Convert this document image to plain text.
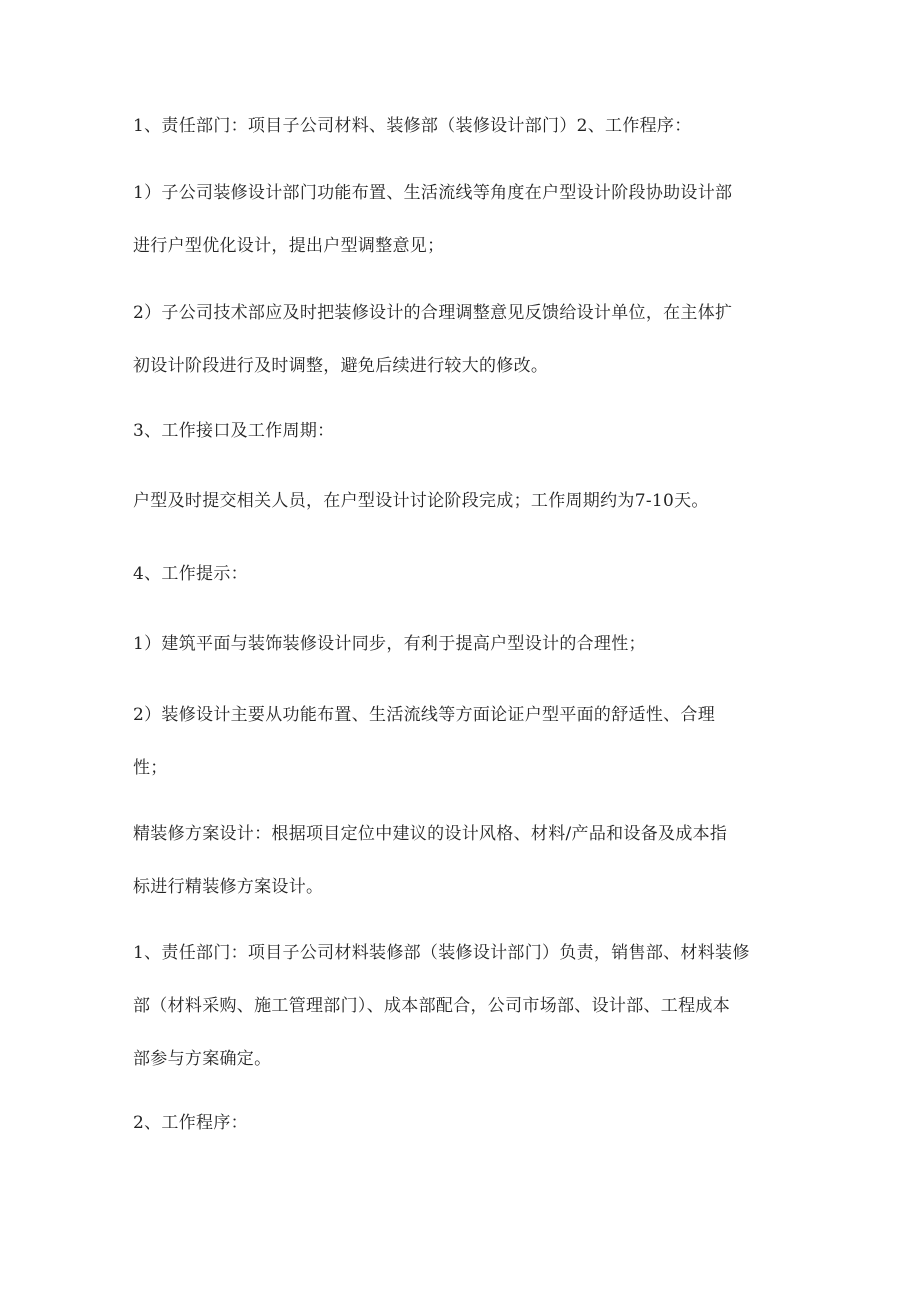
1、责任部门：项目子公司材料、装修部（装修设计部门）2、工作程序：
1）子公司装修设计部门功能布置、生活流线等角度在户型设计阶段协助设计部
进行户型优化设计，提出户型调整意见；
2）子公司技术部应及时把装修设计的合理调整意见反馈给设计单位，在主体扩
初设计阶段进行及时调整，避免后续进行较大的修改。
3、工作接口及工作周期：
户型及时提交相关人员，在户型设计讨论阶段完成；工作周期约为7-10天。
4、工作提示：
1）建筑平面与装饰装修设计同步，有利于提高户型设计的合理性；
2）装修设计主要从功能布置、生活流线等方面论证户型平面的舒适性、合理
性；
精装修方案设计：根据项目定位中建议的设计风格、材料/产品和设备及成本指
标进行精装修方案设计。
1、责任部门：项目子公司材料装修部（装修设计部门）负责，销售部、材料装修
部（材料采购、施工管理部门）、成本部配合，公司市场部、设计部、工程成本
部参与方案确定。
2、工作程序：
